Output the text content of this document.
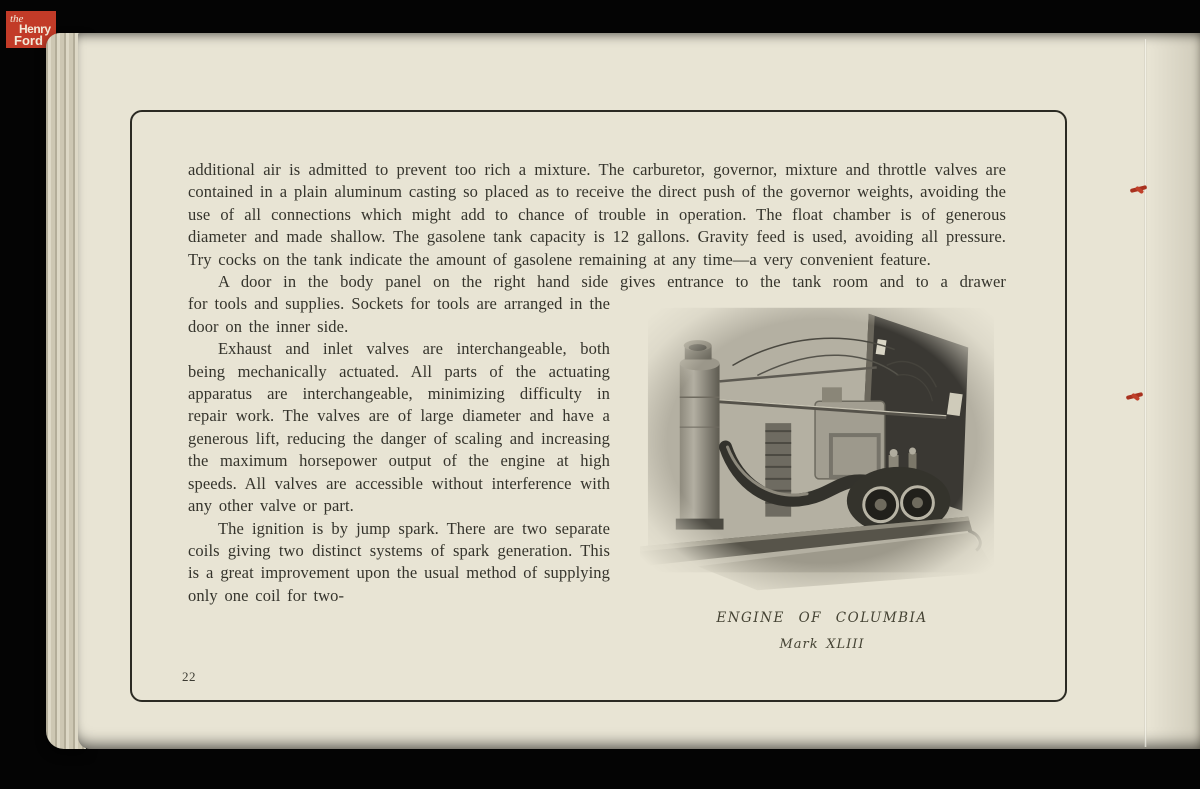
the
Henry
Ford

additional air is admitted to prevent too rich a mixture. The carburetor, governor, mixture and throttle valves are contained in a plain aluminum casting so placed as to receive the direct push of the governor weights, avoiding the use of all connections which might add to chance of trouble in operation. The float chamber is of generous diameter and made shallow. The gasolene tank capacity is 12 gallons. Gravity feed is used, avoiding all pressure. Try cocks on the tank indicate the amount of gasolene remaining at any time—a very convenient feature.

A door in the body panel on the right hand side gives entrance to the tank room and to a drawer

ENGINE OF COLUMBIA
Mark XLIII

for tools and supplies. Sockets for tools are arranged in the door on the inner side.

Exhaust and inlet valves are interchangeable, both being mechanically actuated. All parts of the actuating apparatus are interchangeable, minimizing difficulty in repair work. The valves are of large diameter and have a generous lift, reducing the danger of scaling and increasing the maximum horsepower output of the engine at high speeds. All valves are accessible without interference with any other valve or part.

The ignition is by jump spark. There are two separate coils giving two distinct systems of spark generation. This is a great improvement upon the usual method of supplying only one coil for two-

22
